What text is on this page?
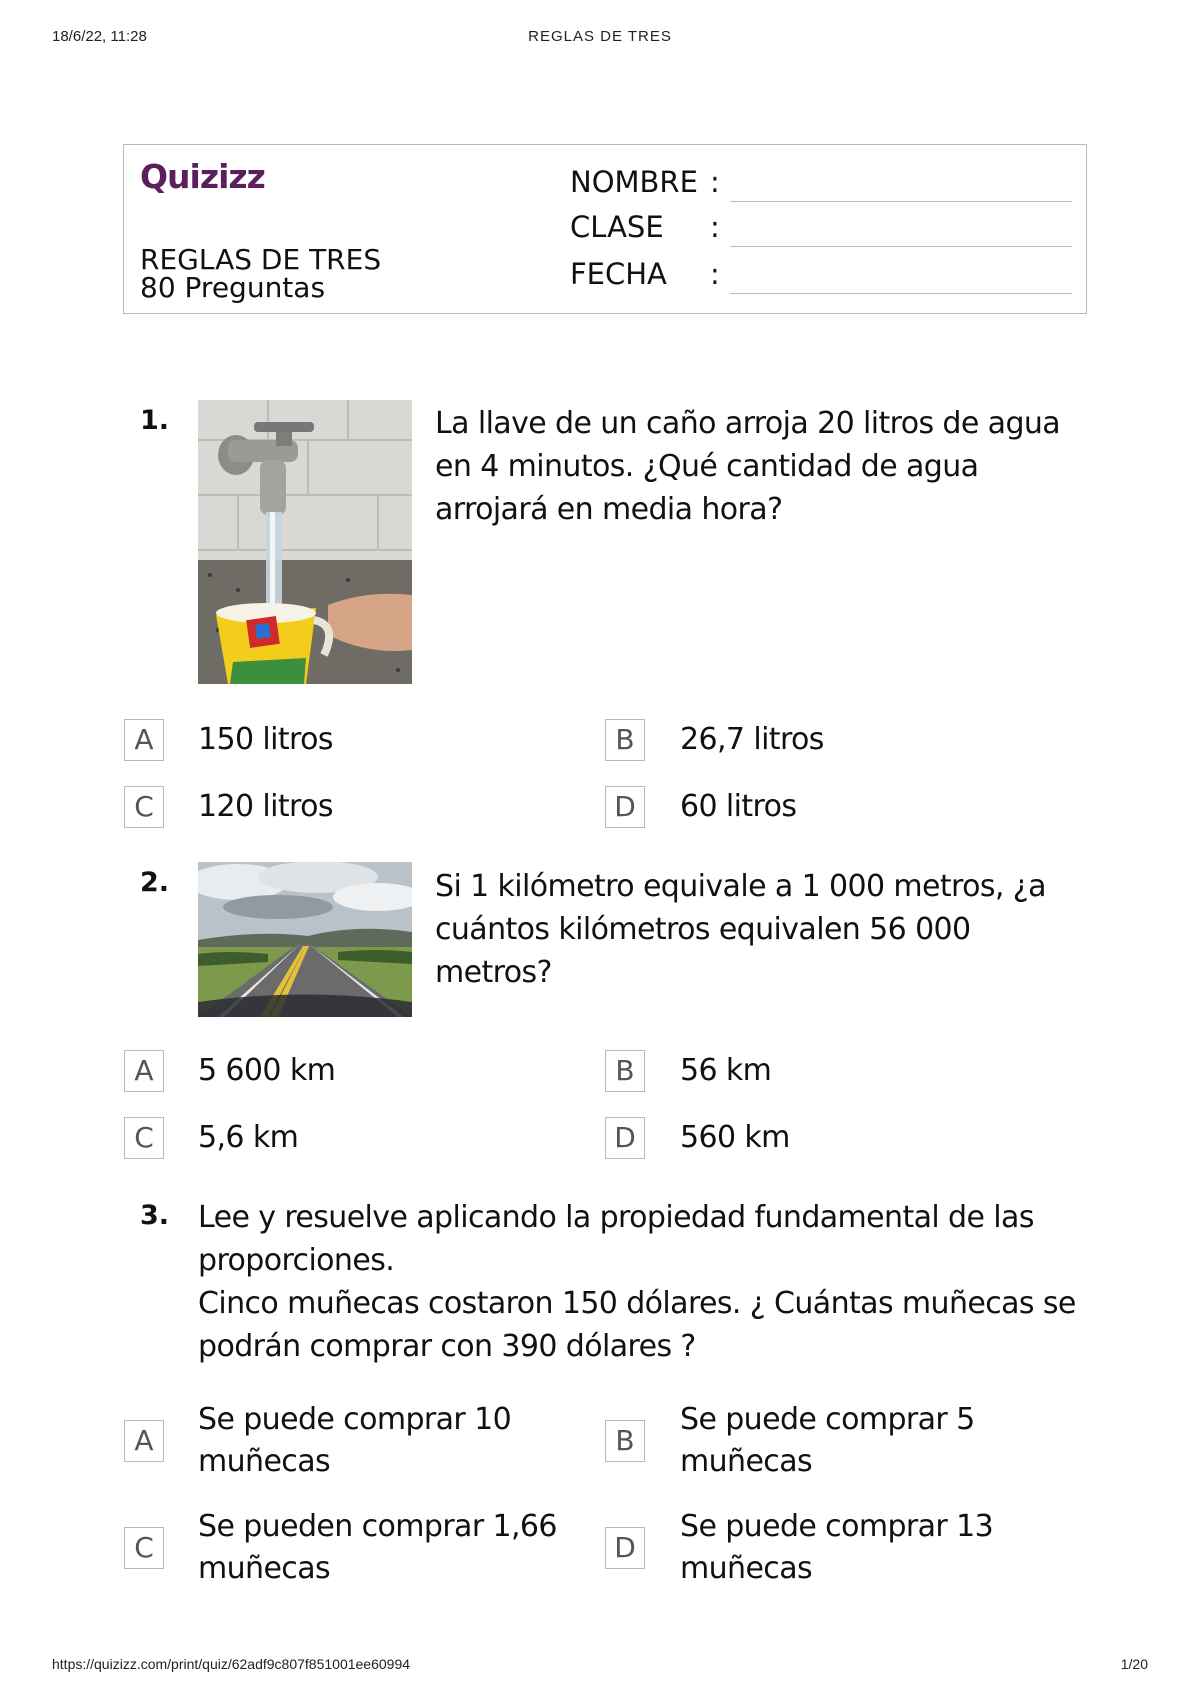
18/6/22, 11:28	REGLAS DE TRES
Quizizz
REGLAS DE TRES
80 Preguntas
NOMBRE :
CLASE :
FECHA :
1.	La llave de un caño arroja 20 litros de agua en 4 minutos. ¿Qué cantidad de agua arrojará en media hora?
A	150 litros	B	26,7 litros
C	120 litros	D	60 litros
2.	Si 1 kilómetro equivale a 1 000 metros, ¿a cuántos kilómetros equivalen 56 000 metros?
A	5 600 km	B	56 km
C	5,6 km	D	560 km
3. Lee y resuelve aplicando la propiedad fundamental de las proporciones.
Cinco muñecas costaron 150 dólares. ¿ Cuántas muñecas se podrán comprar con 390 dólares ?
A
Se puede comprar 10 muñecas
B
Se puede comprar 5 muñecas
C
Se pueden comprar 1,66 muñecas
D
Se puede comprar 13 muñecas
https://quizizz.com/print/quiz/62adf9c807f851001ee60994	1/20
